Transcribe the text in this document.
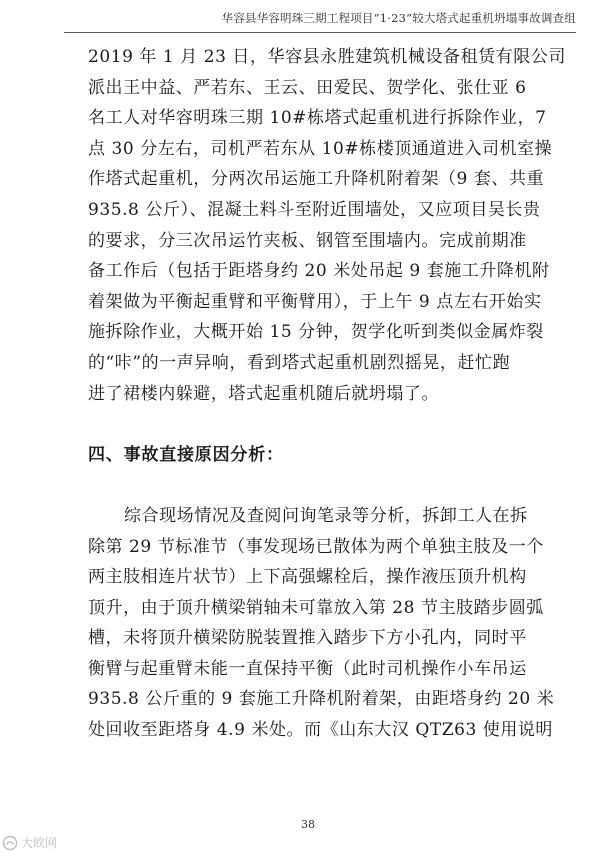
华容县华容明珠三期工程项目“1·23”较大塔式起重机坍塌事故调查组
2019 年 1 月 23 日，华容县永胜建筑机械设备租赁有限公司
派出王中益、严若东、王云、田爱民、贺学化、张仕亚 6
名工人对华容明珠三期 10#栋塔式起重机进行拆除作业，7
点 30 分左右，司机严若东从 10#栋楼顶通道进入司机室操
作塔式起重机，分两次吊运施工升降机附着架（9 套、共重
935.8 公斤）、混凝土料斗至附近围墙处，又应项目吴长贵
的要求，分三次吊运竹夹板、钢管至围墙内。完成前期准
备工作后（包括于距塔身约 20 米处吊起 9 套施工升降机附
着架做为平衡起重臂和平衡臂用），于上午 9 点左右开始实
施拆除作业，大概开始 15 分钟，贺学化听到类似金属炸裂
的“咔”的一声异响，看到塔式起重机剧烈摇晃，赶忙跑
进了裙楼内躲避，塔式起重机随后就坍塌了。
四、事故直接原因分析：
综合现场情况及查阅问询笔录等分析，拆卸工人在拆
除第 29 节标准节（事发现场已散体为两个单独主肢及一个
两主肢相连片状节）上下高强螺栓后，操作液压顶升机构
顶升，由于顶升横梁销轴未可靠放入第 28 节主肢踏步圆弧
槽，未将顶升横梁防脱装置推入踏步下方小孔内，同时平
衡臂与起重臂未能一直保持平衡（此时司机操作小车吊运
935.8 公斤重的 9 套施工升降机附着架，由距塔身约 20 米
处回收至距塔身 4.9 米处。而《山东大汉 QTZ63 使用说明
38
大欧网
